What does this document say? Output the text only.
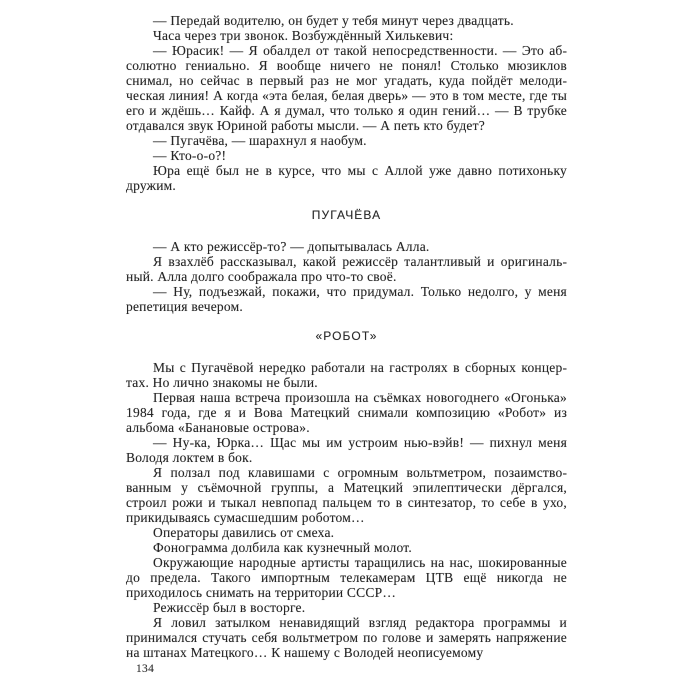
— Передай водителю, он будет у тебя минут через двадцать.

Часа через три звонок. Возбуждённый Хилькевич:

— Юрасик! — Я обалдел от такой непосредственности. — Это абсолютно гениально. Я вообще ничего не понял! Столько мюзиклов снимал, но сейчас в первый раз не мог угадать, куда пойдёт мелодическая линия! А когда «эта белая, белая дверь» — это в том месте, где ты его и ждёшь… Кайф. А я думал, что только я один гений… — В трубке отдавался звук Юриной работы мысли. — А петь кто будет?

— Пугачёва, — шарахнул я наобум.

— Кто-о-о?!

Юра ещё был не в курсе, что мы с Аллой уже давно потихоньку дружим.

ПУГАЧЁВА

— А кто режиссёр-то? — допытывалась Алла.

Я взахлёб рассказывал, какой режиссёр талантливый и оригинальный. Алла долго соображала про что-то своё.

— Ну, подъезжай, покажи, что придумал. Только недолго, у меня репетиция вечером.

«РОБОТ»

Мы с Пугачёвой нередко работали на гастролях в сборных концертах. Но лично знакомы не были.

Первая наша встреча произошла на съёмках новогоднего «Огонька» 1984 года, где я и Вова Матецкий снимали композицию «Робот» из альбома «Банановые острова».

— Ну-ка, Юрка… Щас мы им устроим нью-вэйв! — пихнул меня Володя локтем в бок.

Я ползал под клавишами с огромным вольтметром, позаимствованным у съёмочной группы, а Матецкий эпилептически дёргался, строил рожи и тыкал невпопад пальцем то в синтезатор, то себе в ухо, прикидываясь сумасшедшим роботом…

Операторы давились от смеха.

Фонограмма долбила как кузнечный молот.

Окружающие народные артисты таращились на нас, шокированные до предела. Такого импортным телекамерам ЦТВ ещё никогда не приходилось снимать на территории СССР…

Режиссёр был в восторге.

Я ловил затылком ненавидящий взгляд редактора программы и принимался стучать себя вольтметром по голове и замерять напряжение на штанах Матецкого… К нашему с Володей неописуемому

134
